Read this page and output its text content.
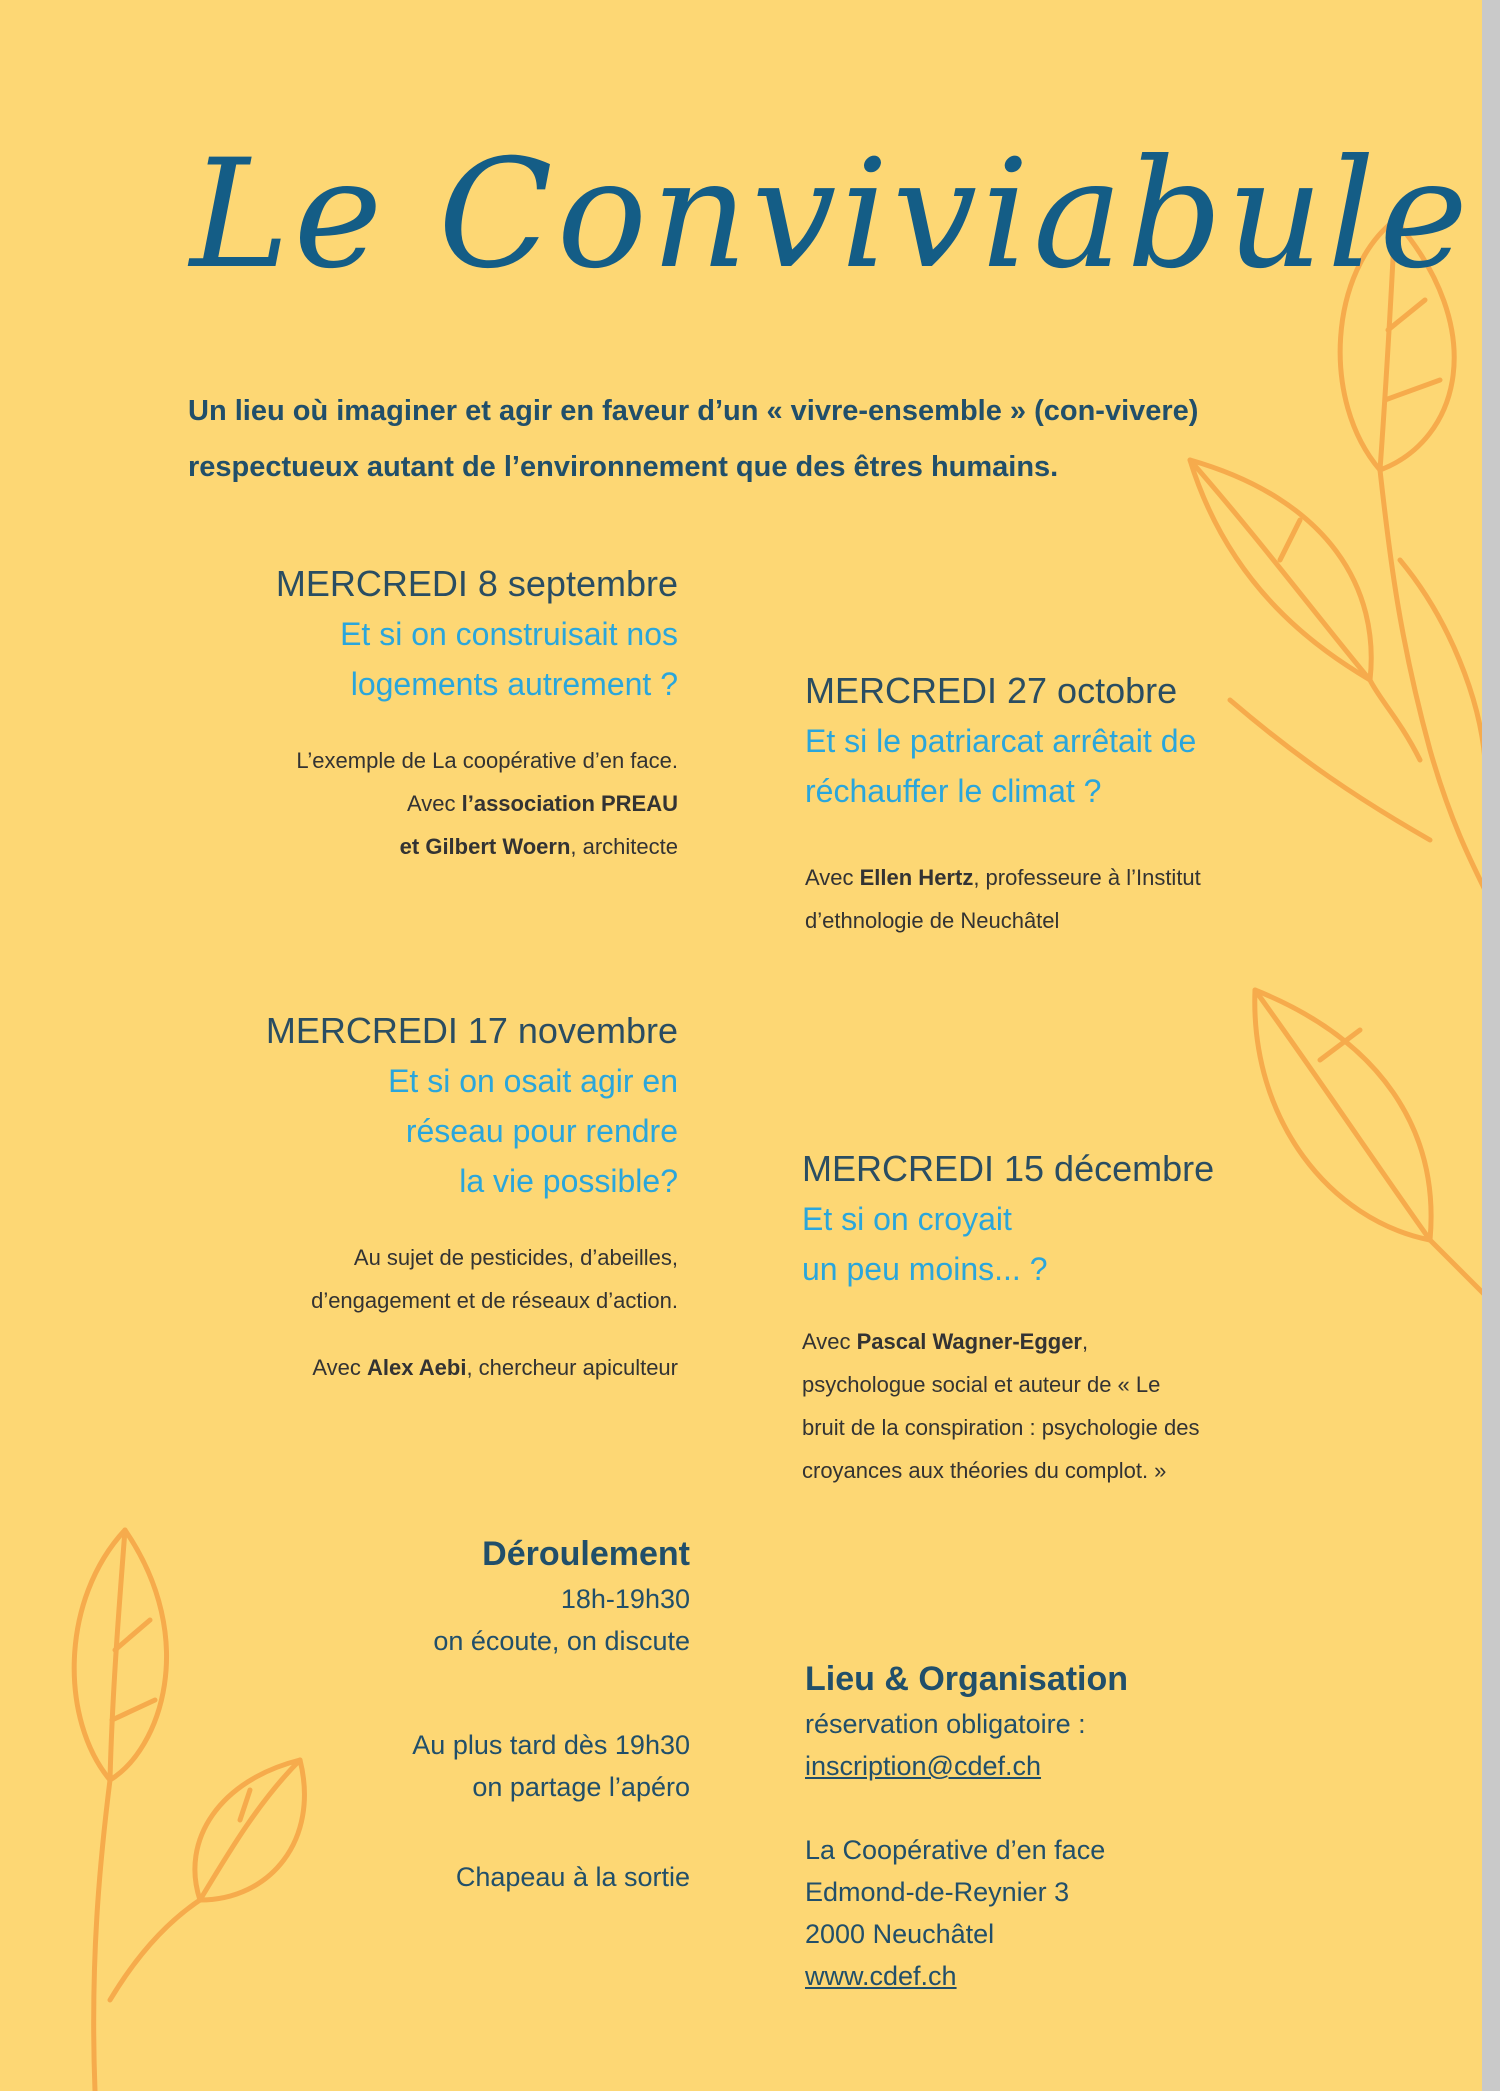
Le Conviviabule
Un lieu où imaginer et agir en faveur d’un « vivre-ensemble » (con-vivere)
respectueux autant de l’environnement que des êtres humains.
MERCREDI 8 septembre
Et si on construisait nos
logements autrement ?
L’exemple de La coopérative d’en face.
Avec l’association PREAU
et Gilbert Woern, architecte
MERCREDI 27 octobre
Et si le patriarcat arrêtait de
réchauffer le climat ?
Avec Ellen Hertz, professeure à l’Institut
d’ethnologie de Neuchâtel
MERCREDI 17 novembre
Et si on osait agir en
réseau pour rendre
la vie possible?
Au sujet de pesticides, d’abeilles,
d’engagement et de réseaux d’action.
Avec Alex Aebi, chercheur apiculteur
MERCREDI 15 décembre
Et si on croyait
un peu moins... ?
Avec Pascal Wagner-Egger,
psychologue social et auteur de « Le
bruit de la conspiration : psychologie des
croyances aux théories du complot. »
Déroulement
18h-19h30
on écoute, on discute
Au plus tard dès 19h30
on partage l’apéro
Chapeau à la sortie
Lieu & Organisation
réservation obligatoire :
inscription@cdef.ch
La Coopérative d’en face
Edmond-de-Reynier 3
2000 Neuchâtel
www.cdef.ch
